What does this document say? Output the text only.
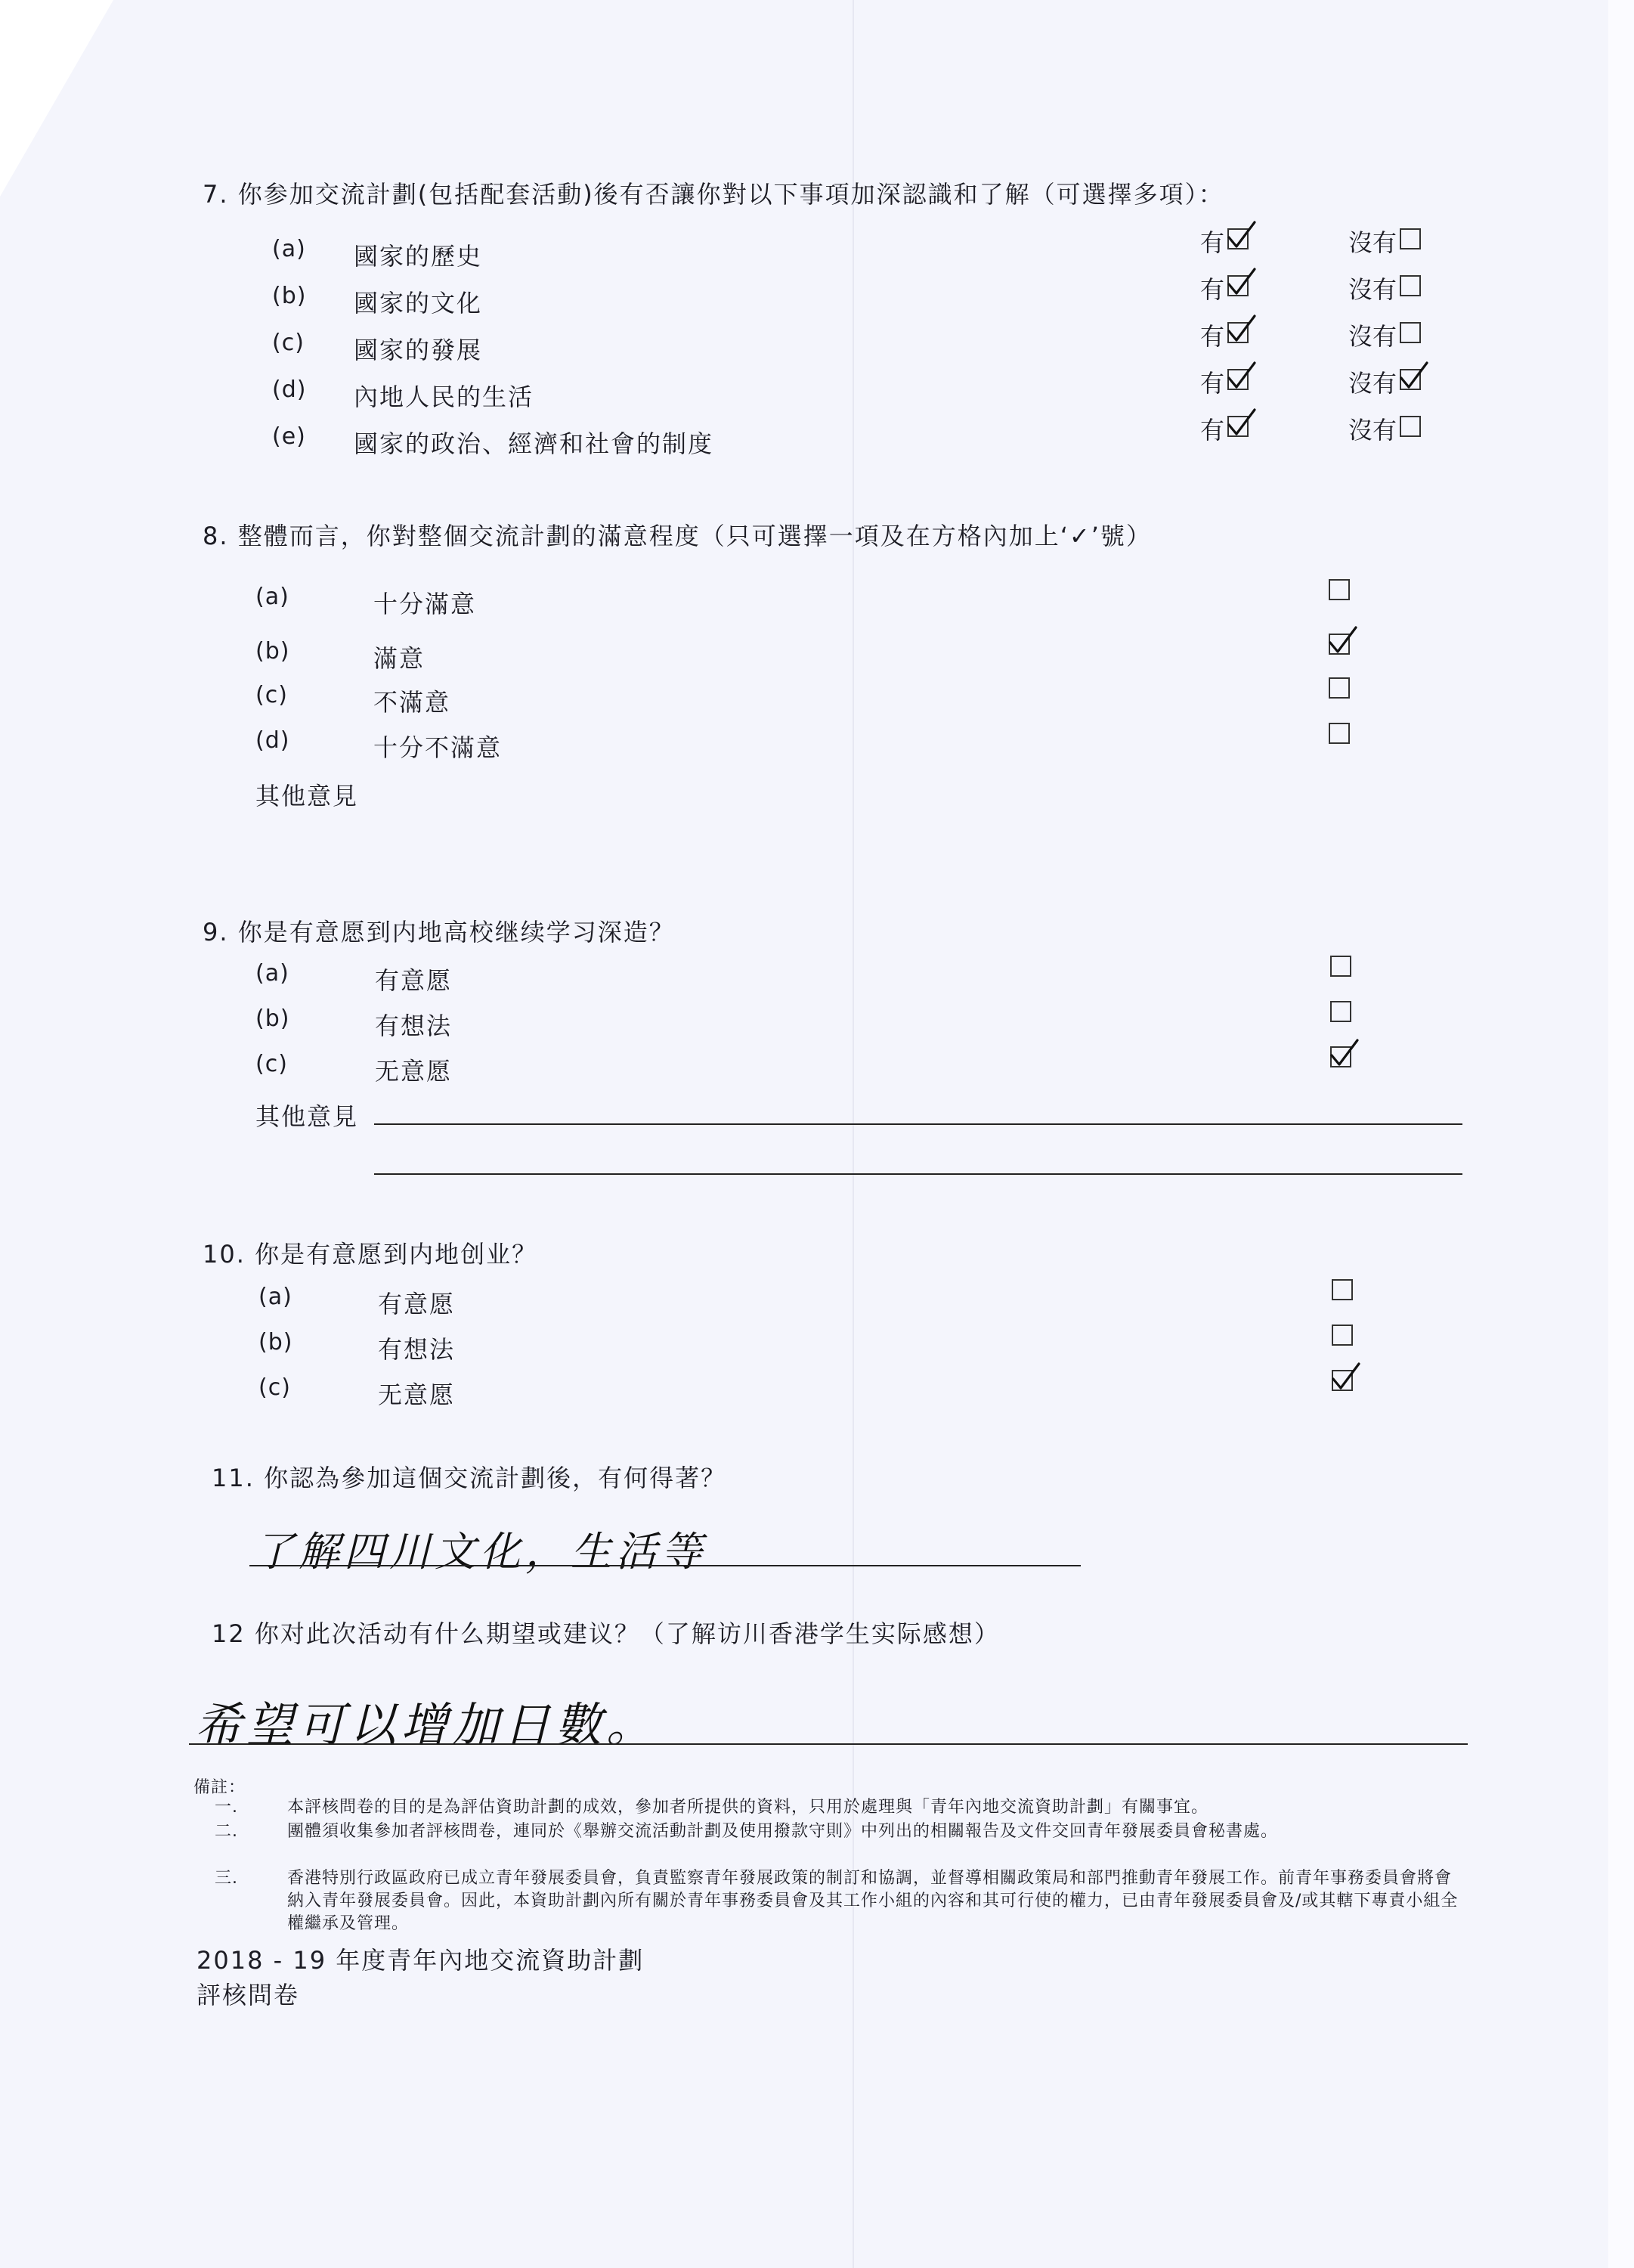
7. 你参加交流計劃(包括配套活動)後有否讓你對以下事項加深認識和了解（可選擇多項）：
(a) 國家的歷史	有	沒有
(b) 國家的文化	有	沒有
(c) 國家的發展	有	沒有
(d) 內地人民的生活	有	沒有
(e) 國家的政治、經濟和社會的制度	有	沒有
8. 整體而言，你對整個交流計劃的滿意程度（只可選擇一項及在方格內加上‘✓’號）
(a)	十分滿意
(b)	滿意
(c)	不滿意
(d)	十分不滿意
其他意見
9. 你是有意愿到内地高校继续学习深造？
(a)	有意愿
(b)	有想法
(c)	无意愿
其他意見
10. 你是有意愿到内地创业？
(a)	有意愿
(b)	有想法
(c)	无意愿
11. 你認為參加這個交流計劃後，有何得著？
了解四川文化，生活等
12 你对此次活动有什么期望或建议？（了解访川香港学生实际感想）
希望可以增加日數。
備註：
一.	本評核問卷的目的是為評估資助計劃的成效，參加者所提供的資料，只用於處理與「青年內地交流資助計劃」有關事宜。
二.	團體須收集參加者評核問卷，連同於《舉辦交流活動計劃及使用撥款守則》中列出的相關報告及文件交回青年發展委員會秘書處。
三.	香港特別行政區政府已成立青年發展委員會，負責監察青年發展政策的制訂和協調，並督導相關政策局和部門推動青年發展工作。前青年事務委員會將會納入青年發展委員會。因此，本資助計劃內所有關於青年事務委員會及其工作小組的內容和其可行使的權力，已由青年發展委員會及/或其轄下專責小組全權繼承及管理。
2018 - 19 年度青年內地交流資助計劃
評核問卷
